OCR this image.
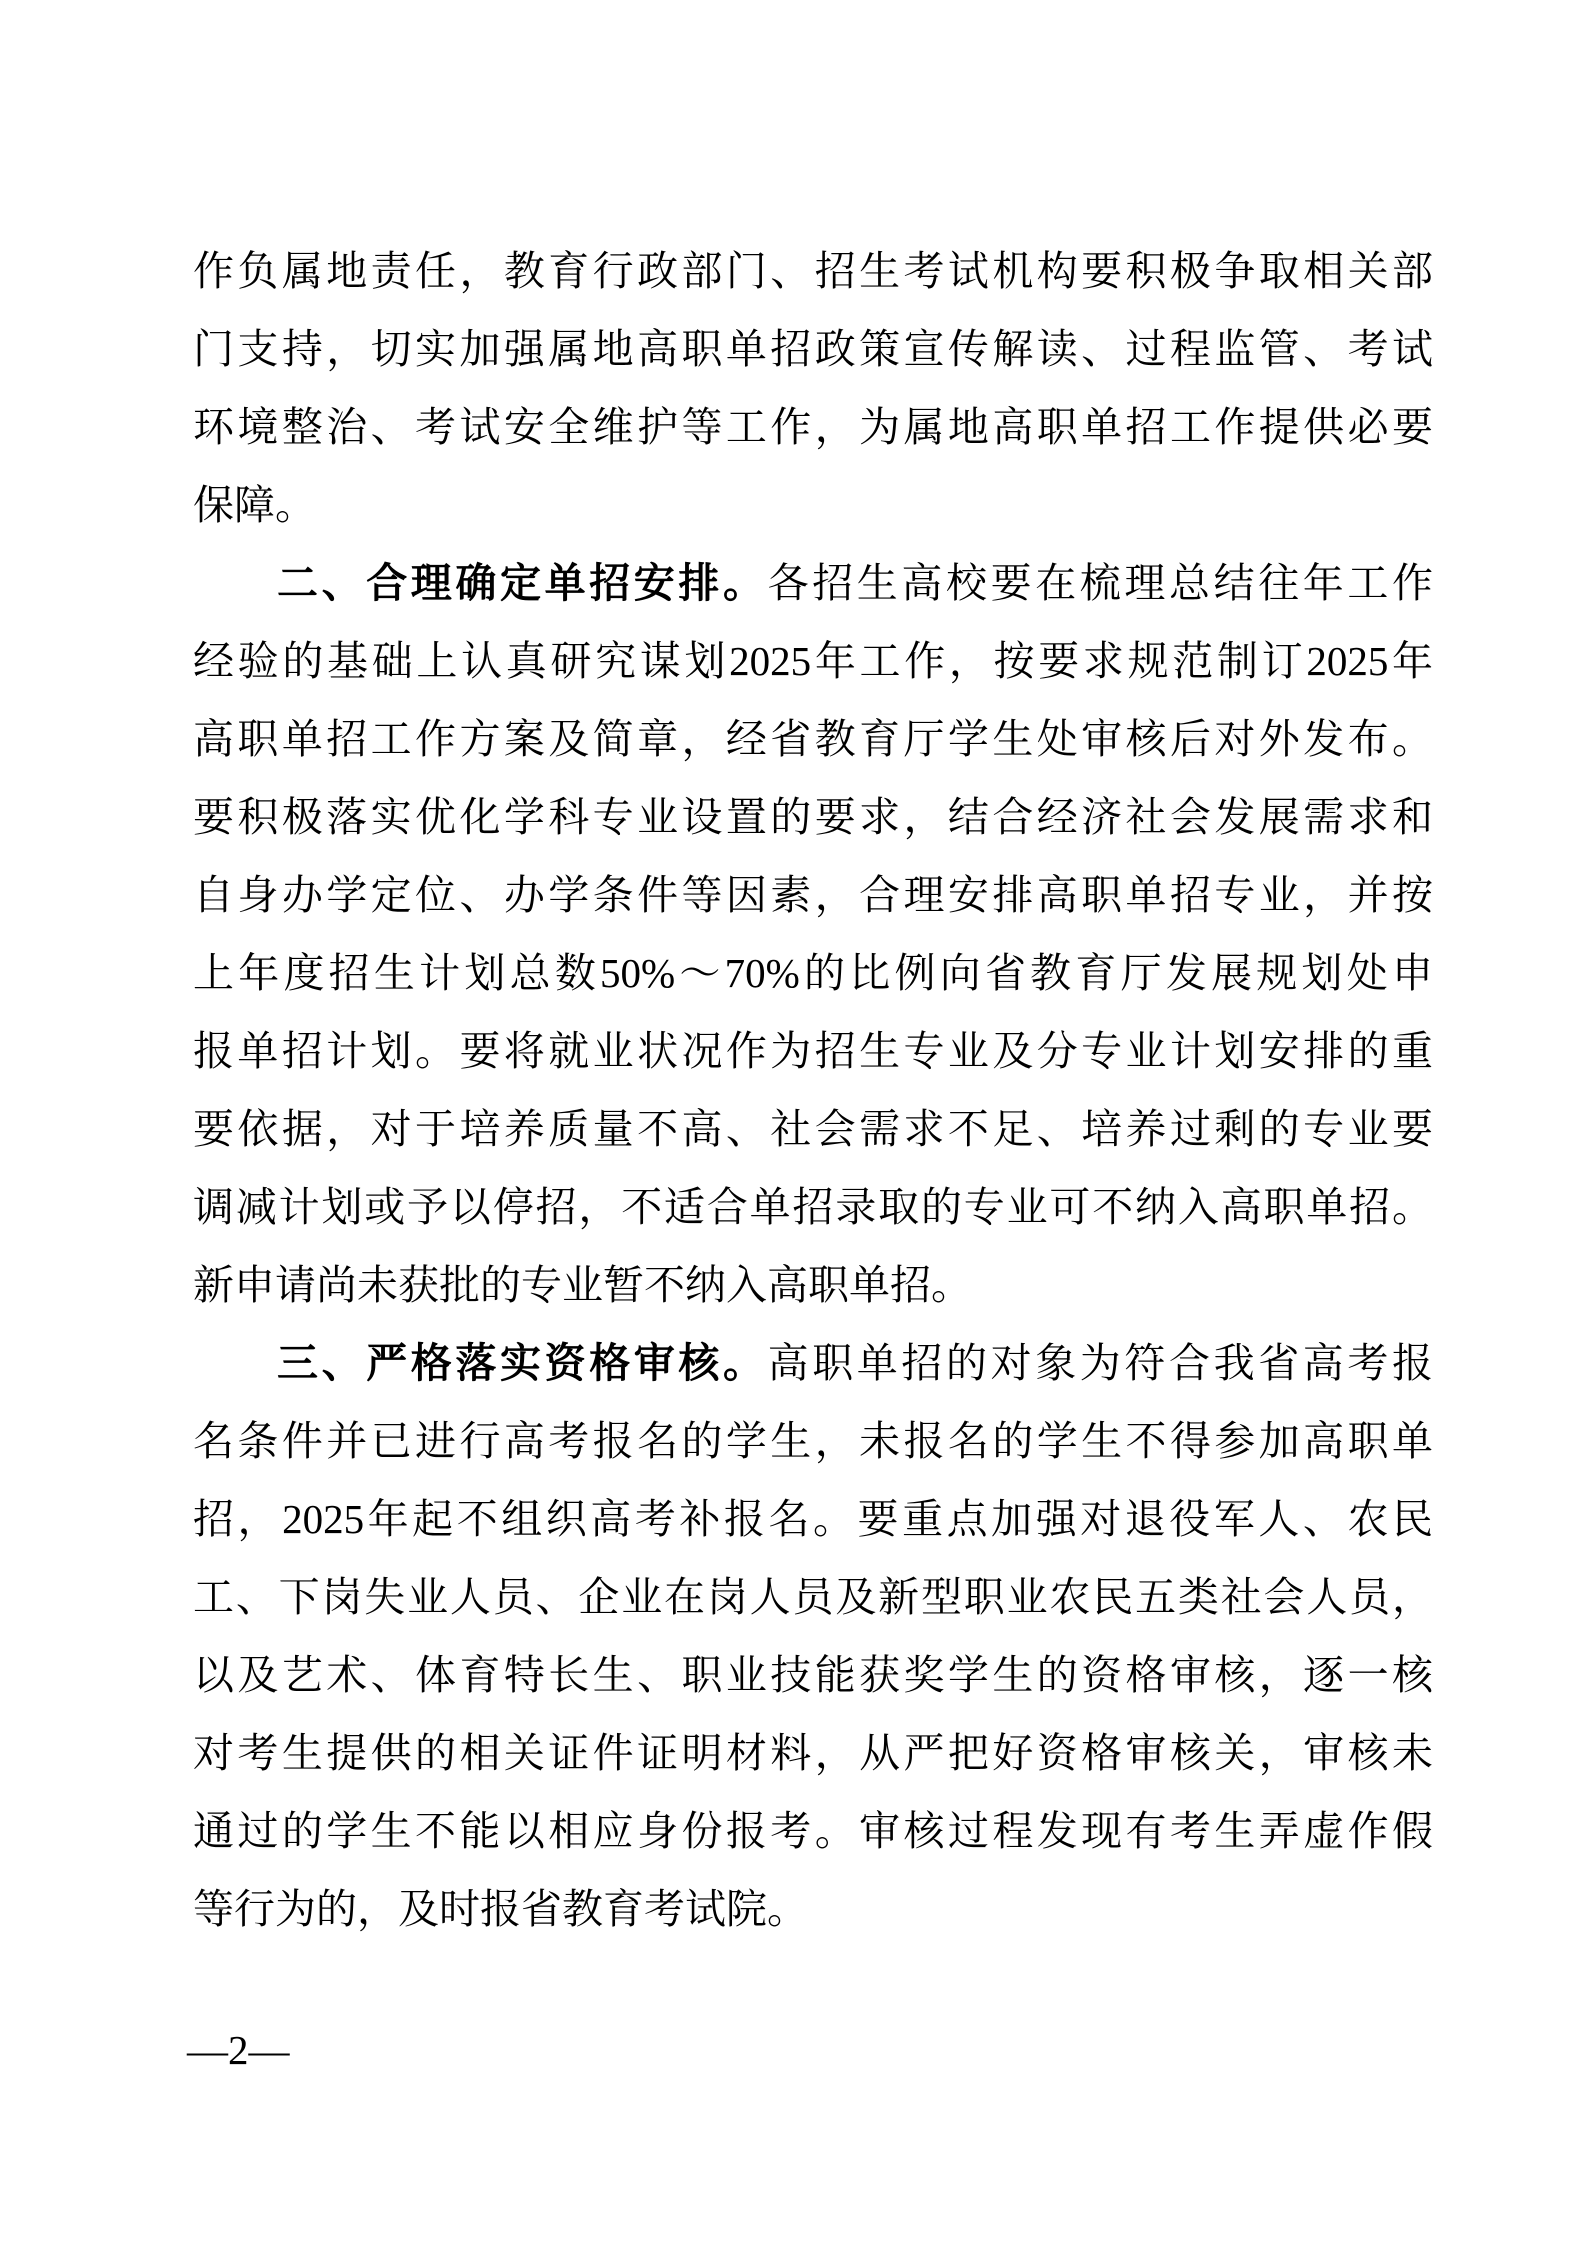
作负属地责任，教育行政部门、招生考试机构要积极争取相关部
门支持，切实加强属地高职单招政策宣传解读、过程监管、考试
环境整治、考试安全维护等工作，为属地高职单招工作提供必要
保障。
二、合理确定单招安排。各招生高校要在梳理总结往年工作
经验的基础上认真研究谋划2025年工作，按要求规范制订2025年
高职单招工作方案及简章，经省教育厅学生处审核后对外发布。
要积极落实优化学科专业设置的要求，结合经济社会发展需求和
自身办学定位、办学条件等因素，合理安排高职单招专业，并按
上年度招生计划总数50%～70%的比例向省教育厅发展规划处申
报单招计划。要将就业状况作为招生专业及分专业计划安排的重
要依据，对于培养质量不高、社会需求不足、培养过剩的专业要
调减计划或予以停招，不适合单招录取的专业可不纳入高职单招。
新申请尚未获批的专业暂不纳入高职单招。
三、严格落实资格审核。高职单招的对象为符合我省高考报
名条件并已进行高考报名的学生，未报名的学生不得参加高职单
招，2025年起不组织高考补报名。要重点加强对退役军人、农民
工、下岗失业人员、企业在岗人员及新型职业农民五类社会人员，
以及艺术、体育特长生、职业技能获奖学生的资格审核，逐一核
对考生提供的相关证件证明材料，从严把好资格审核关，审核未
通过的学生不能以相应身份报考。审核过程发现有考生弄虚作假
等行为的，及时报省教育考试院。
—2—
